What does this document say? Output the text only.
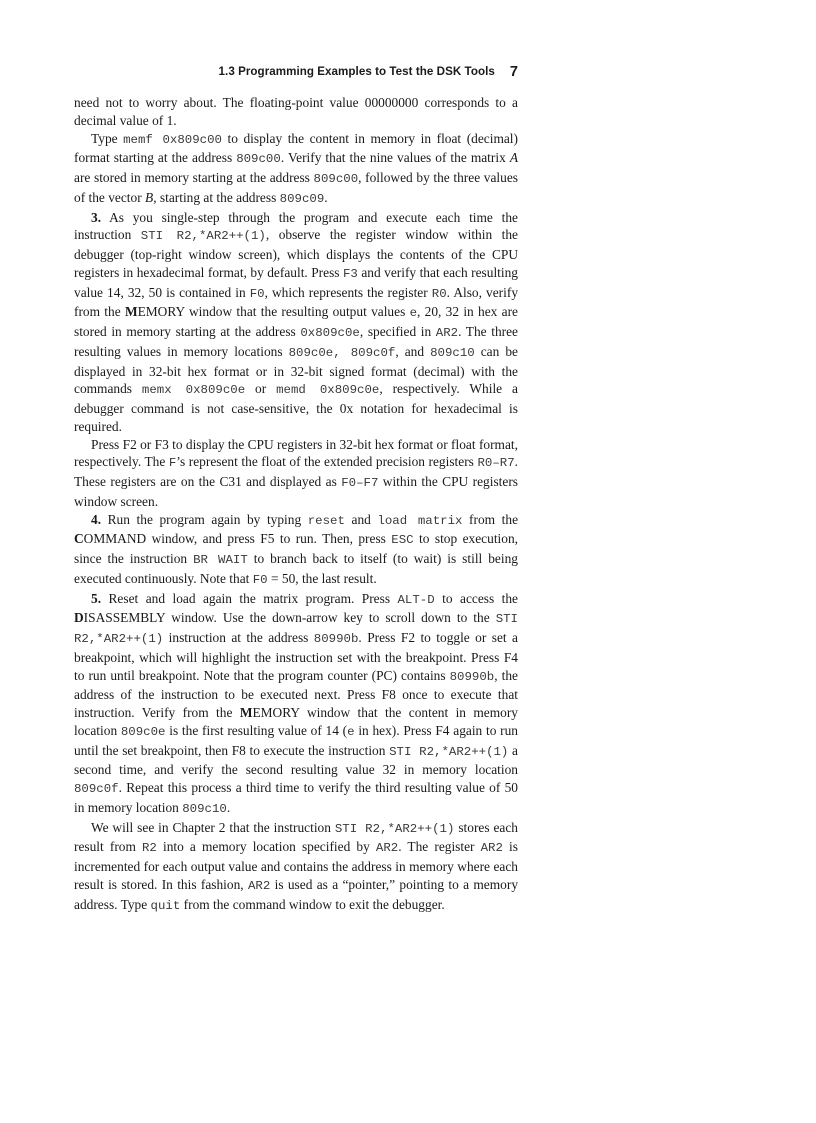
1.3 Programming Examples to Test the DSK Tools 7

need not to worry about. The floating-point value 00000000 corresponds to a decimal value of 1.

Type memf 0x809c00 to display the content in memory in float (decimal) format starting at the address 809c00. Verify that the nine values of the matrix A are stored in memory starting at the address 809c00, followed by the three values of the vector B, starting at the address 809c09.

3. As you single-step through the program and execute each time the instruction STI R2,*AR2++(1), observe the register window within the debugger (top-right window screen), which displays the contents of the CPU registers in hexadecimal format, by default. Press F3 and verify that each resulting value 14, 32, 50 is contained in F0, which represents the register R0. Also, verify from the MEMORY window that the resulting output values e, 20, 32 in hex are stored in memory starting at the address 0x809c0e, specified in AR2. The three resulting values in memory locations 809c0e, 809c0f, and 809c10 can be displayed in 32-bit hex format or in 32-bit signed format (decimal) with the commands memx 0x809c0e or memd 0x809c0e, respectively. While a debugger command is not case-sensitive, the 0x notation for hexadecimal is required.

Press F2 or F3 to display the CPU registers in 32-bit hex format or float format, respectively. The F’s represent the float of the extended precision registers R0–R7. These registers are on the C31 and displayed as F0–F7 within the CPU registers window screen.

4. Run the program again by typing reset and load matrix from the COMMAND window, and press F5 to run. Then, press ESC to stop execution, since the instruction BR WAIT to branch back to itself (to wait) is still being executed continuously. Note that F0 = 50, the last result.

5. Reset and load again the matrix program. Press ALT-D to access the DISASSEMBLY window. Use the down-arrow key to scroll down to the STI R2,*AR2++(1) instruction at the address 80990b. Press F2 to toggle or set a breakpoint, which will highlight the instruction set with the breakpoint. Press F4 to run until breakpoint. Note that the program counter (PC) contains 80990b, the address of the instruction to be executed next. Press F8 once to execute that instruction. Verify from the MEMORY window that the content in memory location 809c0e is the first resulting value of 14 (e in hex). Press F4 again to run until the set breakpoint, then F8 to execute the instruction STI R2,*AR2++(1) a second time, and verify the second resulting value 32 in memory location 809c0f. Repeat this process a third time to verify the third resulting value of 50 in memory location 809c10.

We will see in Chapter 2 that the instruction STI R2,*AR2++(1) stores each result from R2 into a memory location specified by AR2. The register AR2 is incremented for each output value and contains the address in memory where each result is stored. In this fashion, AR2 is used as a “pointer,” pointing to a memory address. Type quit from the command window to exit the debugger.
